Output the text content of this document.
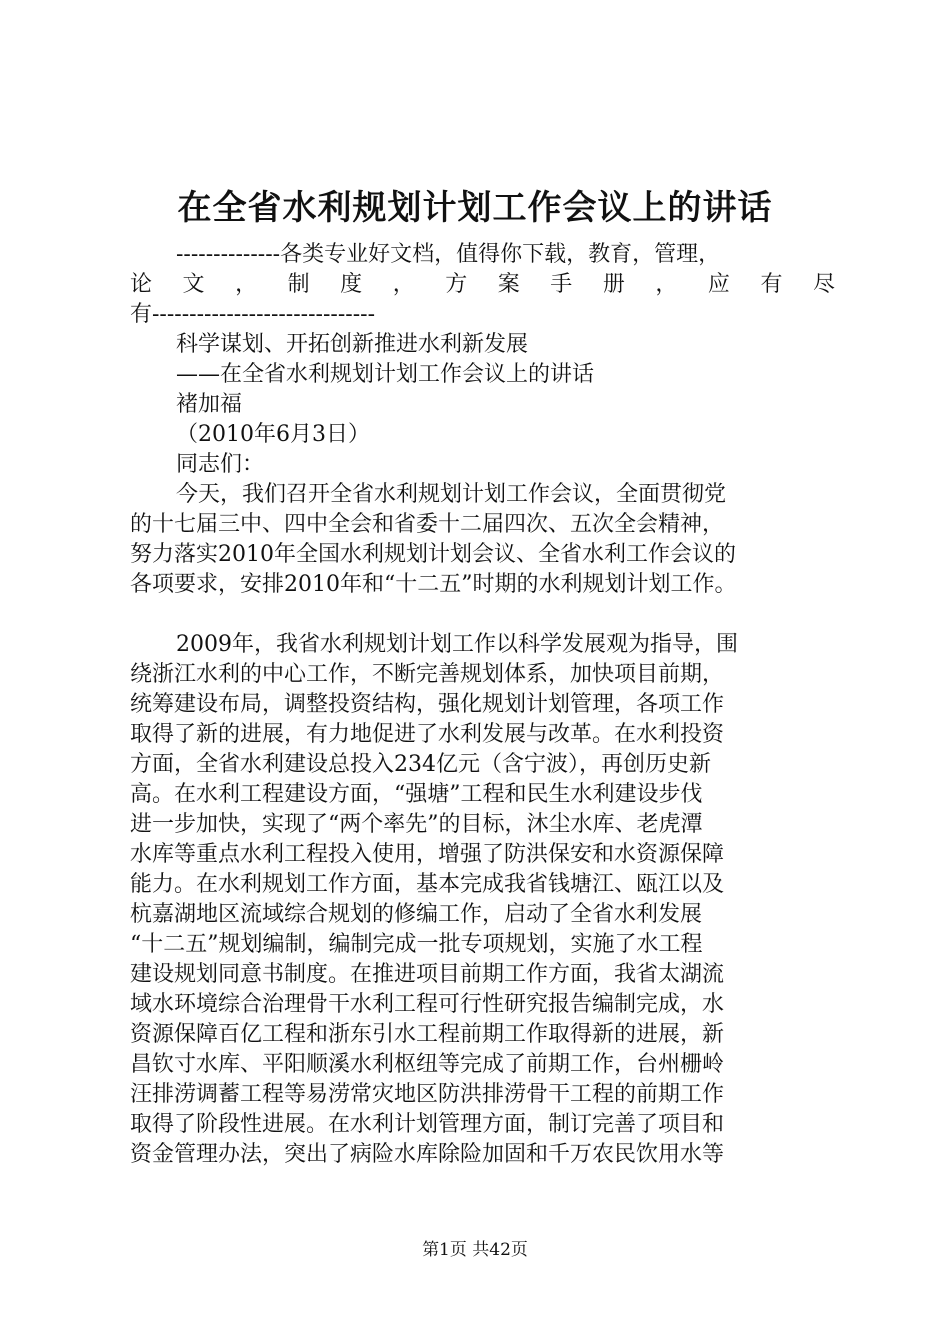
在全省水利规划计划工作会议上的讲话
--------------各类专业好文档，值得你下载，教育，管理，
论 文 ， 制 度 ， 方 案 手 册 ， 应 有 尽
有------------------------------
科学谋划、开拓创新推进水利新发展
——在全省水利规划计划工作会议上的讲话
褚加福
（2010年6月3日）
同志们：
今天，我们召开全省水利规划计划工作会议，全面贯彻党
的十七届三中、四中全会和省委十二届四次、五次全会精神，
努力落实2010年全国水利规划计划会议、全省水利工作会议的
各项要求，安排2010年和“十二五”时期的水利规划计划工作。
2009年，我省水利规划计划工作以科学发展观为指导，围
绕浙江水利的中心工作，不断完善规划体系，加快项目前期，
统筹建设布局，调整投资结构，强化规划计划管理，各项工作
取得了新的进展，有力地促进了水利发展与改革。在水利投资
方面，全省水利建设总投入234亿元（含宁波），再创历史新
高。在水利工程建设方面，“强塘”工程和民生水利建设步伐
进一步加快，实现了“两个率先”的目标，沐尘水库、老虎潭
水库等重点水利工程投入使用，增强了防洪保安和水资源保障
能力。在水利规划工作方面，基本完成我省钱塘江、瓯江以及
杭嘉湖地区流域综合规划的修编工作，启动了全省水利发展
“十二五”规划编制，编制完成一批专项规划，实施了水工程
建设规划同意书制度。在推进项目前期工作方面，我省太湖流
域水环境综合治理骨干水利工程可行性研究报告编制完成，水
资源保障百亿工程和浙东引水工程前期工作取得新的进展，新
昌钦寸水库、平阳顺溪水利枢纽等完成了前期工作，台州栅岭
汪排涝调蓄工程等易涝常灾地区防洪排涝骨干工程的前期工作
取得了阶段性进展。在水利计划管理方面，制订完善了项目和
资金管理办法，突出了病险水库除险加固和千万农民饮用水等
第1页 共42页
